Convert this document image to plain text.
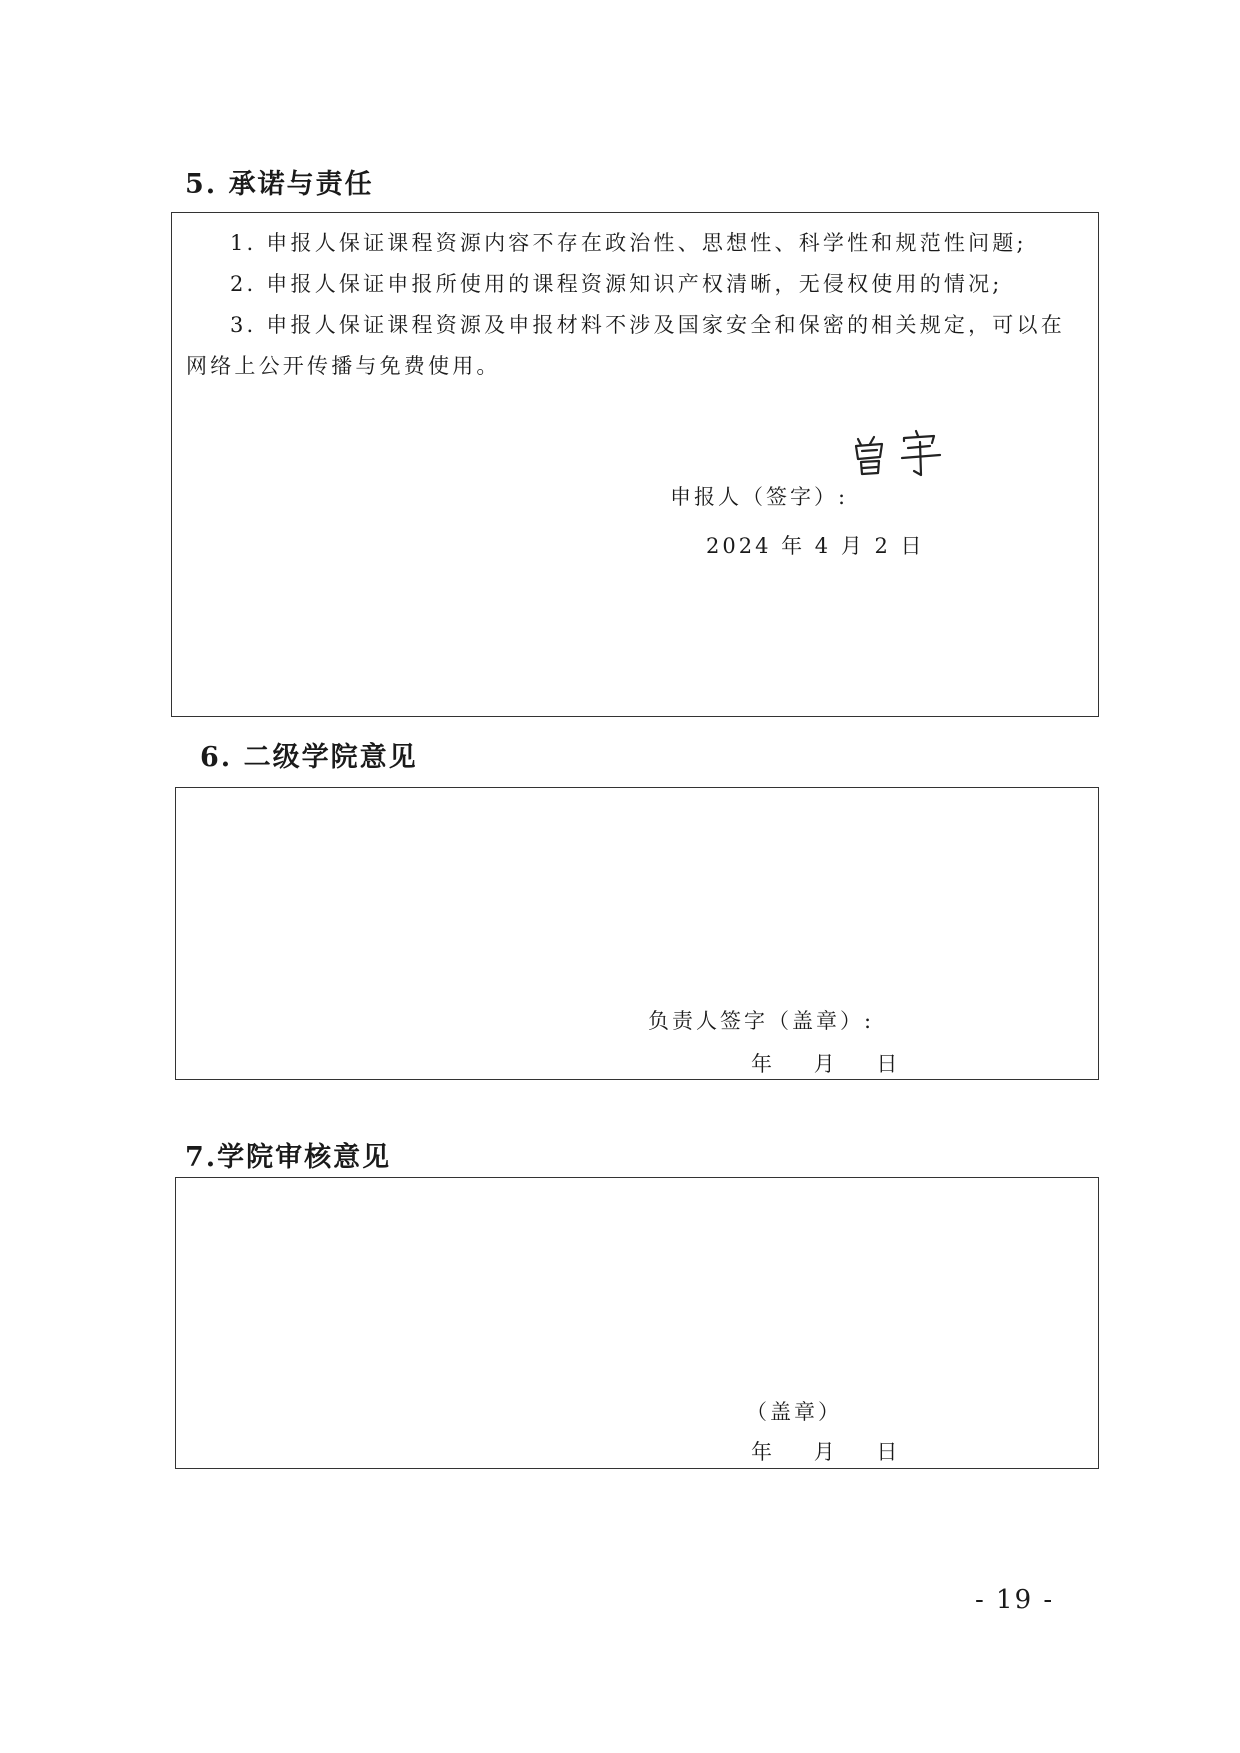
5. 承诺与责任
1. 申报人保证课程资源内容不存在政治性、思想性、科学性和规范性问题;
2. 申报人保证申报所使用的课程资源知识产权清晰，无侵权使用的情况;
3. 申报人保证课程资源及申报材料不涉及国家安全和保密的相关规定，可以在
网络上公开传播与免费使用。
申报人（签字）:
2024 年 4 月 2 日
6. 二级学院意见
负责人签字（盖章）:
年    月    日
7.学院审核意见
（盖章）
年    月    日
- 19 -
